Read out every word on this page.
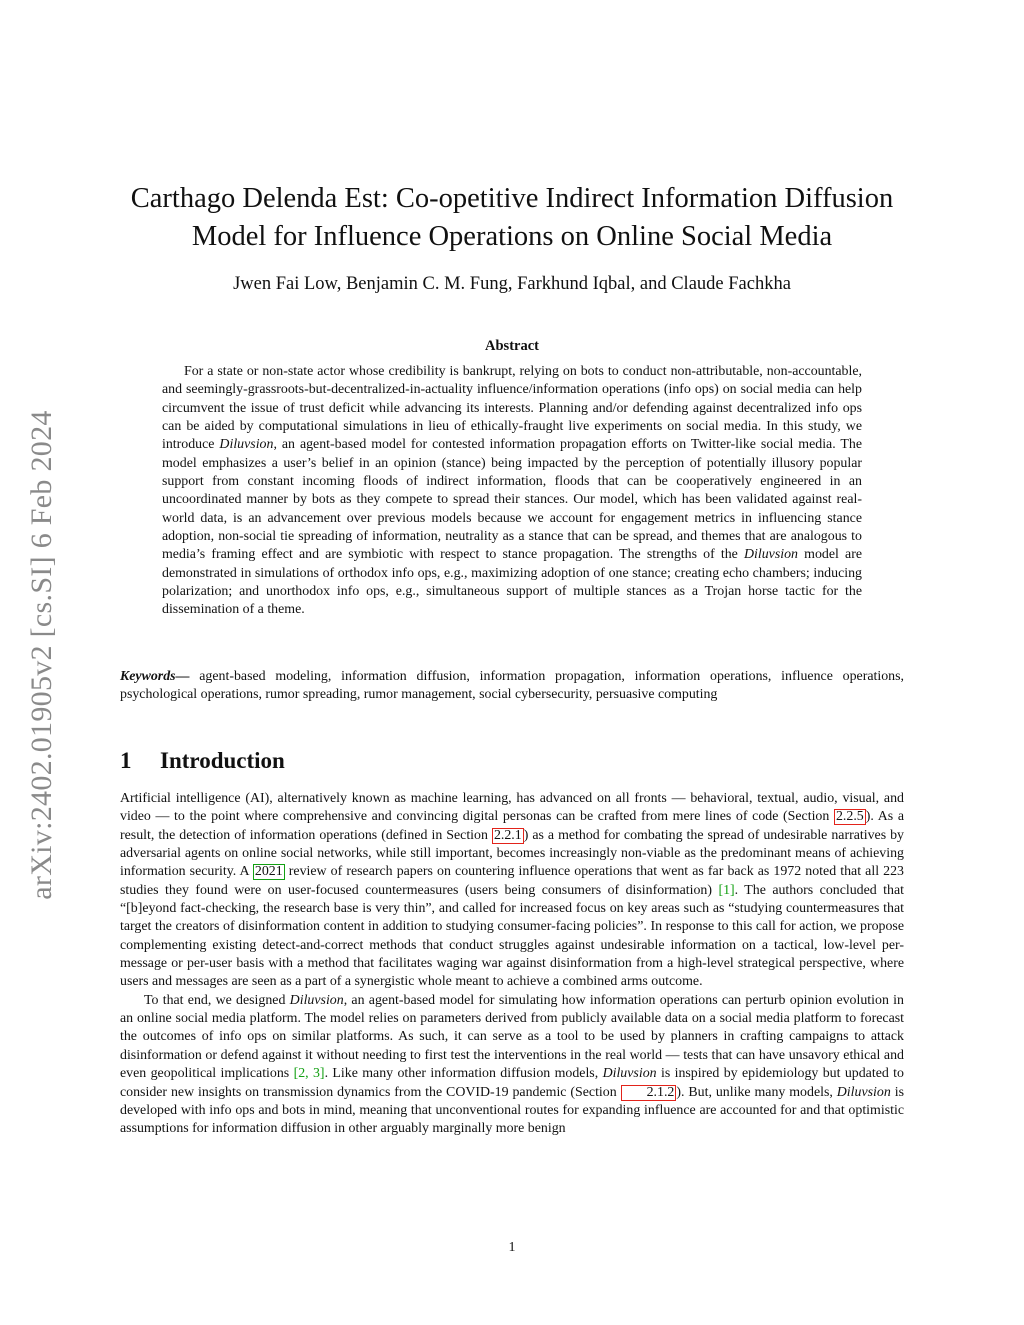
arXiv:2402.01905v2 [cs.SI] 6 Feb 2024
Carthago Delenda Est: Co-opetitive Indirect Information Diffusion
Model for Influence Operations on Online Social Media
Jwen Fai Low, Benjamin C. M. Fung, Farkhund Iqbal, and Claude Fachkha
Abstract

For a state or non-state actor whose credibility is bankrupt, relying on bots to conduct non-attributable, non-accountable, and seemingly-grassroots-but-decentralized-in-actuality influence/information operations (info ops) on social media can help circumvent the issue of trust deficit while advancing its interests. Planning and/or defending against decentralized info ops can be aided by computational simulations in lieu of ethically-fraught live experiments on social media. In this study, we introduce Diluvsion, an agent-based model for contested information propagation efforts on Twitter-like social media. The model emphasizes a user’s belief in an opinion (stance) being impacted by the perception of potentially illusory popular support from constant incoming floods of indirect information, floods that can be cooperatively engineered in an uncoordinated manner by bots as they compete to spread their stances. Our model, which has been validated against real-world data, is an advancement over previous models because we account for engagement metrics in influencing stance adoption, non-social tie spreading of information, neutrality as a stance that can be spread, and themes that are analogous to media’s framing effect and are symbiotic with respect to stance propagation. The strengths of the Diluvsion model are demonstrated in simulations of orthodox info ops, e.g., maximizing adoption of one stance; creating echo chambers; inducing polarization; and unorthodox info ops, e.g., simultaneous support of multiple stances as a Trojan horse tactic for the dissemination of a theme.

Keywords— agent-based modeling, information diffusion, information propagation, information operations, influence operations, psychological operations, rumor spreading, rumor management, social cybersecurity, persuasive computing

1 Introduction

Artificial intelligence (AI), alternatively known as machine learning, has advanced on all fronts — behavioral, textual, audio, visual, and video — to the point where comprehensive and convincing digital personas can be crafted from mere lines of code (Section 2.2.5 ). As a result, the detection of information operations (defined in Section 2.2.1 ) as a method for combating the spread of undesirable narratives by adversarial agents on online social networks, while still important, becomes increasingly non-viable as the predominant means of achieving information security. A 2021 review of research papers on countering influence operations that went as far back as 1972 noted that all 223 studies they found were on user-focused countermeasures (users being consumers of disinformation) [1]. The authors concluded that “[b]eyond fact-checking, the research base is very thin”, and called for increased focus on key areas such as “studying countermeasures that target the creators of disinformation content in addition to studying consumer-facing policies”. In response to this call for action, we propose complementing existing detect-and-correct methods that conduct struggles against undesirable information on a tactical, low-level per-message or per-user basis with a method that facilitates waging war against disinformation from a high-level strategical perspective, where users and messages are seen as a part of a synergistic whole meant to achieve a combined arms outcome.

To that end, we designed Diluvsion, an agent-based model for simulating how information operations can perturb opinion evolution in an online social media platform. The model relies on parameters derived from publicly available data on a social media platform to forecast the outcomes of info ops on similar platforms. As such, it can serve as a tool to be used by planners in crafting campaigns to attack disinformation or defend against it without needing to first test the interventions in the real world — tests that can have unsavory ethical and even geopolitical implications [2, 3]. Like many other information diffusion models, Diluvsion is inspired by epidemiology but updated to consider new insights on transmission dynamics from the COVID-19 pandemic (Section 2.1.2 ). But, unlike many models, Diluvsion is developed with info ops and bots in mind, meaning that unconventional routes for expanding influence are accounted for and that optimistic assumptions for information diffusion in other arguably marginally more benign

1
